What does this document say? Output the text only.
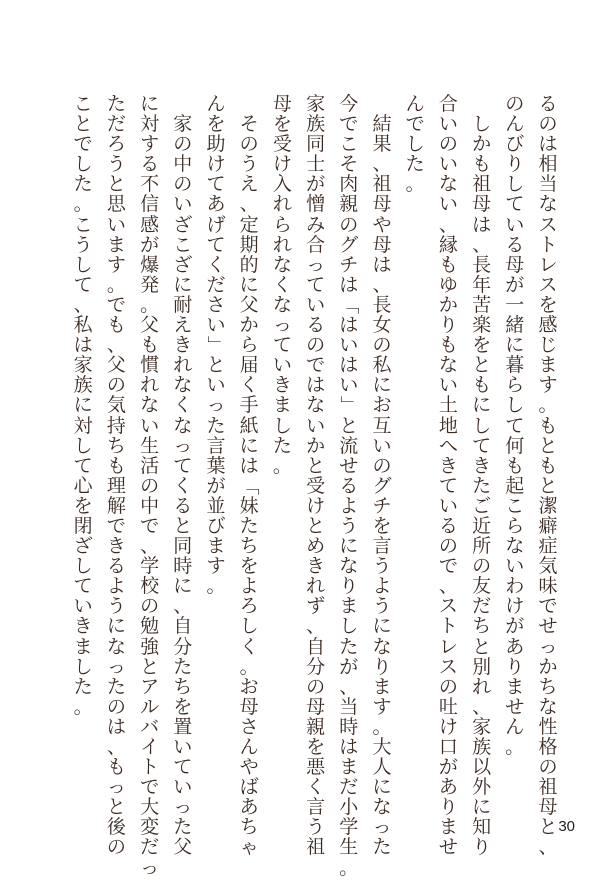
る
の
は
相
当
な
ス
ト
レ
ス
を
感
じ
ま
す
。
も
と
も
と
潔
癖
症
気
味
で
せ
っ
か
ち
な
性
格
の
祖
母
と
、
の
ん
び
り
し
て
い
る
母
が
一
緒
に
暮
ら
し
て
何
も
起
こ
ら
な
い
わ
け
が
あ
り
ま
せ
ん
。

し
か
も
祖
母
は
、
長
年
苦
楽
を
と
も
に
し
て
き
た
ご
近
所
の
友
だ
ち
と
別
れ
、
家
族
以
外
に
知
り
合
い
の
い
な
い
、
縁
も
ゆ
か
り
も
な
い
土
地
へ
き
て
い
る
の
で
、
ス
ト
レ
ス
の
吐
け
口
が
あ
り
ま
せ
ん
で
し
た
。

結
果
、
祖
母
や
母
は
、
長
女
の
私
に
お
互
い
の
グ
チ
を
言
う
よ
う
に
な
り
ま
す
。
大
人
に
な
っ
た
今
で
こ
そ
肉
親
の
グ
チ
は
「
は
い
は
い
」
と
流
せ
る
よ
う
に
な
り
ま
し
た
が
、
当
時
は
ま
だ
小
学
生
。
家
族
同
士
が
憎
み
合
っ
て
い
る
の
で
は
な
い
か
と
受
け
と
め
き
れ
ず
、
自
分
の
母
親
を
悪
く
言
う
祖
母
を
受
け
入
れ
ら
れ
な
く
な
っ
て
い
き
ま
し
た
。

そ
の
う
え
、
定
期
的
に
父
か
ら
届
く
手
紙
に
は
「
妹
た
ち
を
よ
ろ
し
く
。
お
母
さ
ん
や
ば
あ
ち
ゃ
ん
を
助
け
て
あ
げ
て
く
だ
さ
い
」
と
い
っ
た
言
葉
が
並
び
ま
す
。

家
の
中
の
い
ざ
こ
ざ
に
耐
え
き
れ
な
く
な
っ
て
く
る
と
同
時
に
、
自
分
た
ち
を
置
い
て
い
っ
た
父
に
対
す
る
不
信
感
が
爆
発
。
父
も
慣
れ
な
い
生
活
の
中
で
、
学
校
の
勉
強
と
ア
ル
バ
イ
ト
で
大
変
だ
っ
た
だ
ろ
う
と
思
い
ま
す
。
で
も
、
父
の
気
持
ち
も
理
解
で
き
る
よ
う
に
な
っ
た
の
は
、
も
っ
と
後
の
こ
と
で
し
た
。
こ
う
し
て
、
私
は
家
族
に
対
し
て
心
を
閉
ざ
し
て
い
き
ま
し
た
。
30
